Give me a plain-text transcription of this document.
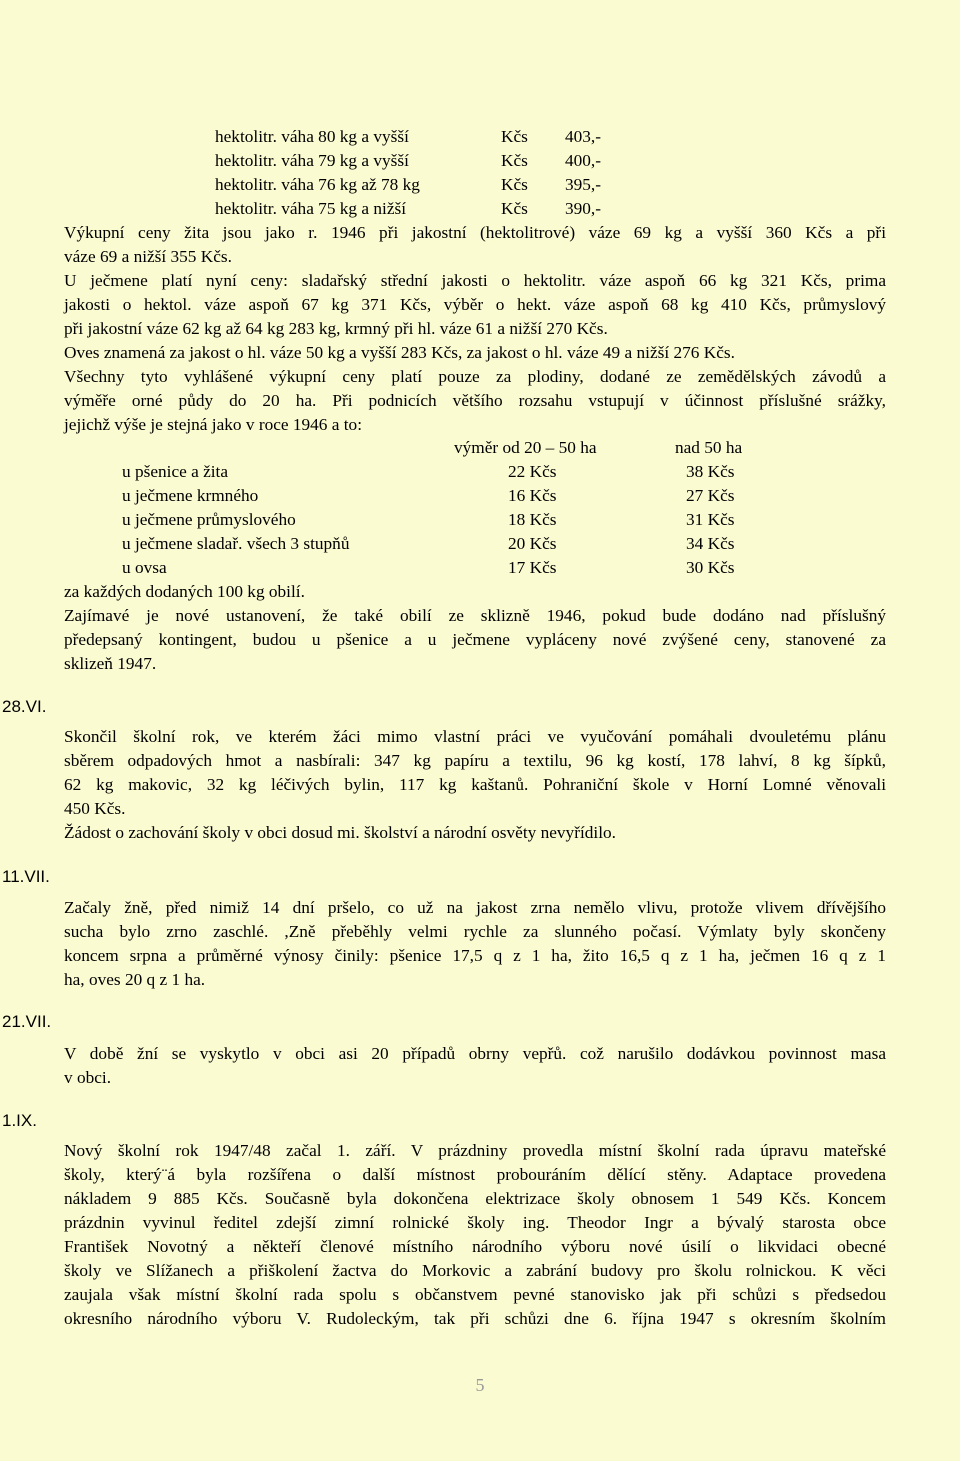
hektolitr. váha 80 kg a vyšší	Kčs 403,-
hektolitr. váha 79 kg a vyšší	Kčs 400,-
hektolitr. váha 76 kg až 78 kg	Kčs 395,-
hektolitr. váha 75 kg a nižší	Kčs 390,-
Výkupní ceny žita jsou jako r. 1946 při jakostní (hektolitrové) váze 69 kg a vyšší 360 Kčs a při
váze 69 a nižší 355 Kčs.
U ječmene platí nyní ceny: sladařský střední jakosti o hektolitr. váze aspoň 66 kg 321 Kčs, prima
jakosti o hektol. váze aspoň 67 kg 371 Kčs, výběr o hekt. váze aspoň 68 kg 410 Kčs, průmyslový
při jakostní váze 62 kg až 64 kg 283 kg, krmný při hl. váze 61 a nižší 270 Kčs.
Oves znamená za jakost o hl. váze 50 kg a vyšší 283 Kčs, za jakost o hl. váze 49 a nižší 276 Kčs.
Všechny tyto vyhlášené výkupní ceny platí pouze za plodiny, dodané ze zemědělských závodů a
výměře orné půdy do 20 ha. Při podnicích většího rozsahu vstupují v účinnost příslušné srážky,
jejichž výše je stejná jako v roce 1946 a to:
výměr od 20 – 50 ha	nad 50 ha
u pšenice a žita	22 Kčs	38 Kčs
u ječmene krmného	16 Kčs	27 Kčs
u ječmene průmyslového	18 Kčs	31 Kčs
u ječmene sladař. všech 3 stupňů	20 Kčs	34 Kčs
u ovsa	17 Kčs	30 Kčs
za každých dodaných 100 kg obilí.
Zajímavé je nové ustanovení, že také obilí ze sklizně 1946, pokud bude dodáno nad příslušný
předepsaný kontingent, budou u pšenice a u ječmene vypláceny nové zvýšené ceny, stanovené za
sklizeň 1947.
28.VI.
Skončil školní rok, ve kterém žáci mimo vlastní práci ve vyučování pomáhali dvouletému plánu
sběrem odpadových hmot a nasbírali: 347 kg papíru a textilu, 96 kg kostí, 178 lahví, 8 kg šípků,
62 kg makovic, 32 kg léčivých bylin, 117 kg kaštanů. Pohraniční škole v Horní Lomné věnovali
450 Kčs.
Žádost o zachování školy v obci dosud mi. školství a národní osvěty nevyřídilo.
11.VII.
Začaly žně, před nimiž 14 dní pršelo, co už na jakost zrna nemělo vlivu, protože vlivem dřívějšího
sucha bylo zrno zaschlé. ,Zně přeběhly velmi rychle za slunného počasí. Výmlaty byly skončeny
koncem srpna a průměrné výnosy činily: pšenice 17,5 q z 1 ha, žito 16,5 q z 1 ha, ječmen 16 q z 1
ha, oves 20 q z 1 ha.
21.VII.
V době žní se vyskytlo v obci asi 20 případů obrny vepřů. což narušilo dodávkou povinnost masa
v obci.
1.IX.
Nový školní rok 1947/48 začal 1. září. V prázdniny provedla místní školní rada úpravu mateřské
školy, který¨á byla rozšířena o další místnost probouráním dělící stěny. Adaptace provedena
nákladem 9 885 Kčs. Současně byla dokončena elektrizace školy obnosem 1 549 Kčs. Koncem
prázdnin vyvinul ředitel zdejší zimní rolnické školy ing. Theodor Ingr a bývalý starosta obce
František Novotný a někteří členové místního národního výboru nové úsilí o likvidaci obecné
školy ve Slížanech a přiškolení žactva do Morkovic a zabrání budovy pro školu rolnickou. K věci
zaujala však místní školní rada spolu s občanstvem pevné stanovisko jak při schůzi s předsedou
okresního národního výboru V. Rudoleckým, tak při schůzi dne 6. října 1947 s okresním školním
5
